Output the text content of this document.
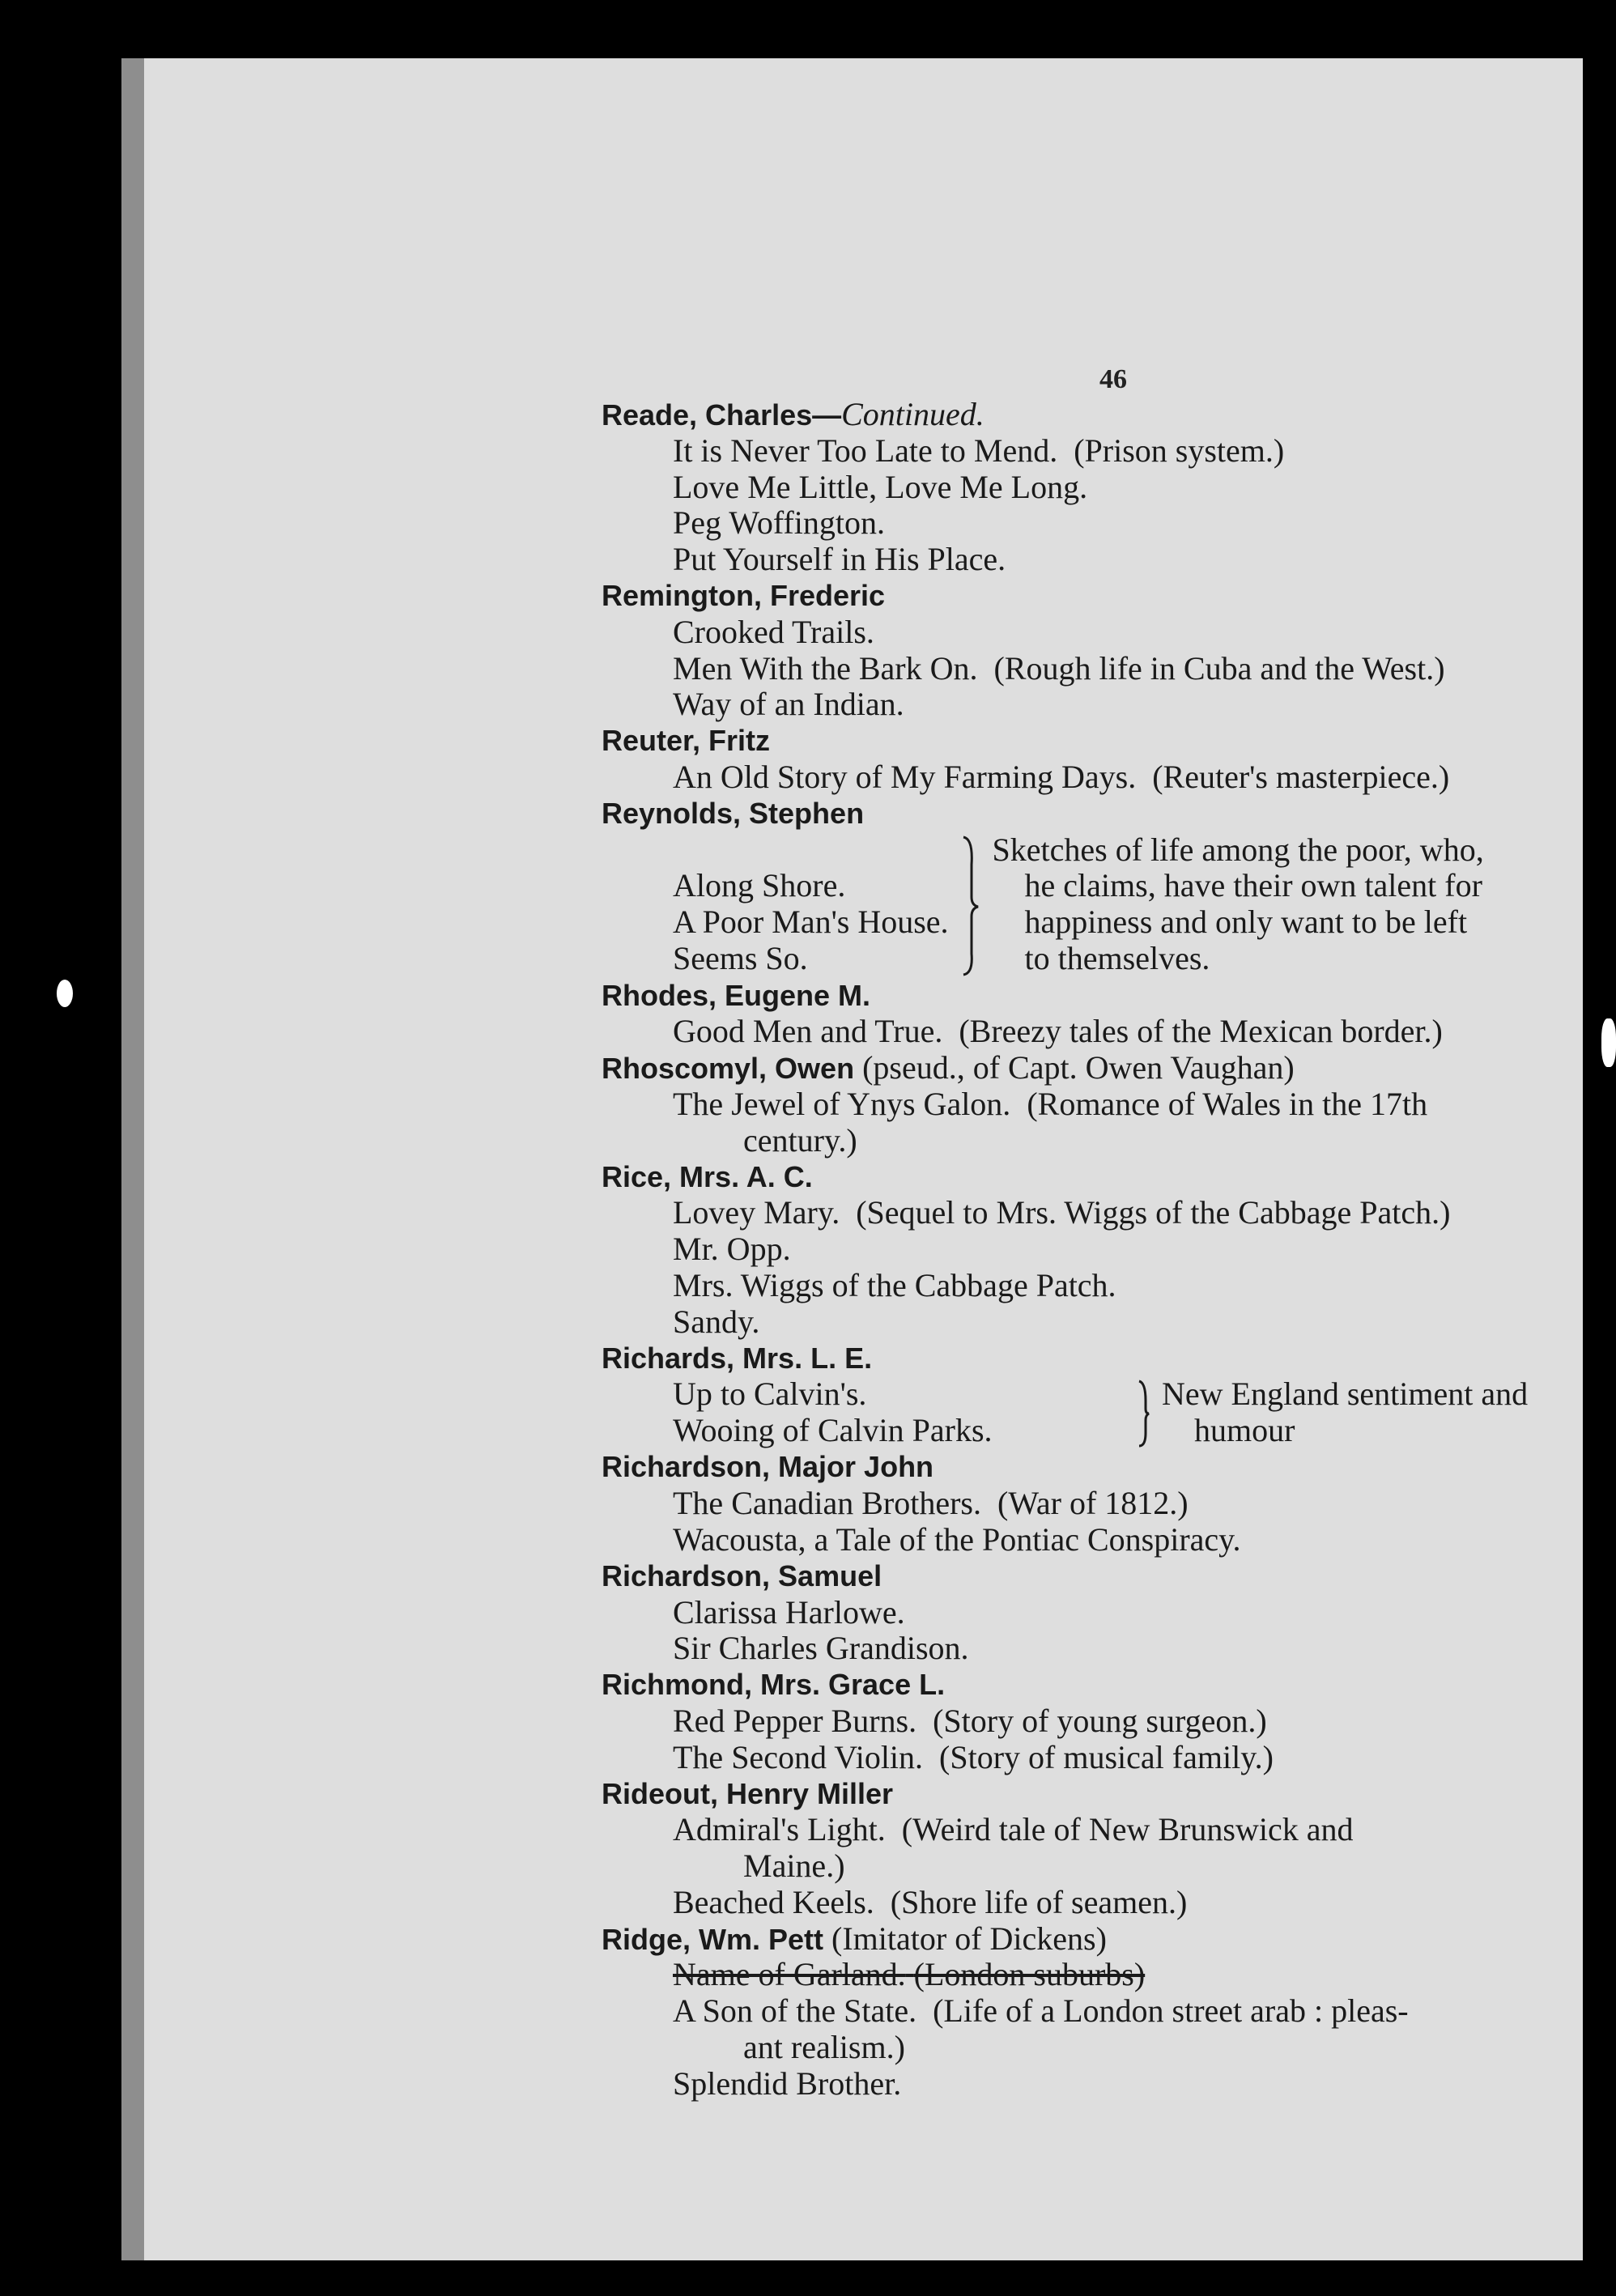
46
Reade, Charles—Continued.
It is Never Too Late to Mend. (Prison system.)
Love Me Little, Love Me Long.
Peg Woffington.
Put Yourself in His Place.
Remington, Frederic
Crooked Trails.
Men With the Bark On. (Rough life in Cuba and the West.)
Way of an Indian.
Reuter, Fritz
An Old Story of My Farming Days. (Reuter's masterpiece.)
Reynolds, Stephen
Along Shore.
A Poor Man's House.
Seems So.
Sketches of life among the poor, who,
he claims, have their own talent for
happiness and only want to be left
to themselves.
Rhodes, Eugene M.
Good Men and True. (Breezy tales of the Mexican border.)
Rhoscomyl, Owen (pseud., of Capt. Owen Vaughan)
The Jewel of Ynys Galon. (Romance of Wales in the 17th
century.)
Rice, Mrs. A. C.
Lovey Mary. (Sequel to Mrs. Wiggs of the Cabbage Patch.)
Mr. Opp.
Mrs. Wiggs of the Cabbage Patch.
Sandy.
Richards, Mrs. L. E.
Up to Calvin's.
Wooing of Calvin Parks.
New England sentiment and
humour
Richardson, Major John
The Canadian Brothers. (War of 1812.)
Wacousta, a Tale of the Pontiac Conspiracy.
Richardson, Samuel
Clarissa Harlowe.
Sir Charles Grandison.
Richmond, Mrs. Grace L.
Red Pepper Burns. (Story of young surgeon.)
The Second Violin. (Story of musical family.)
Rideout, Henry Miller
Admiral's Light. (Weird tale of New Brunswick and
Maine.)
Beached Keels. (Shore life of seamen.)
Ridge, Wm. Pett (Imitator of Dickens)
Name of Garland. (London suburbs)
A Son of the State. (Life of a London street arab : pleas-
ant realism.)
Splendid Brother.
